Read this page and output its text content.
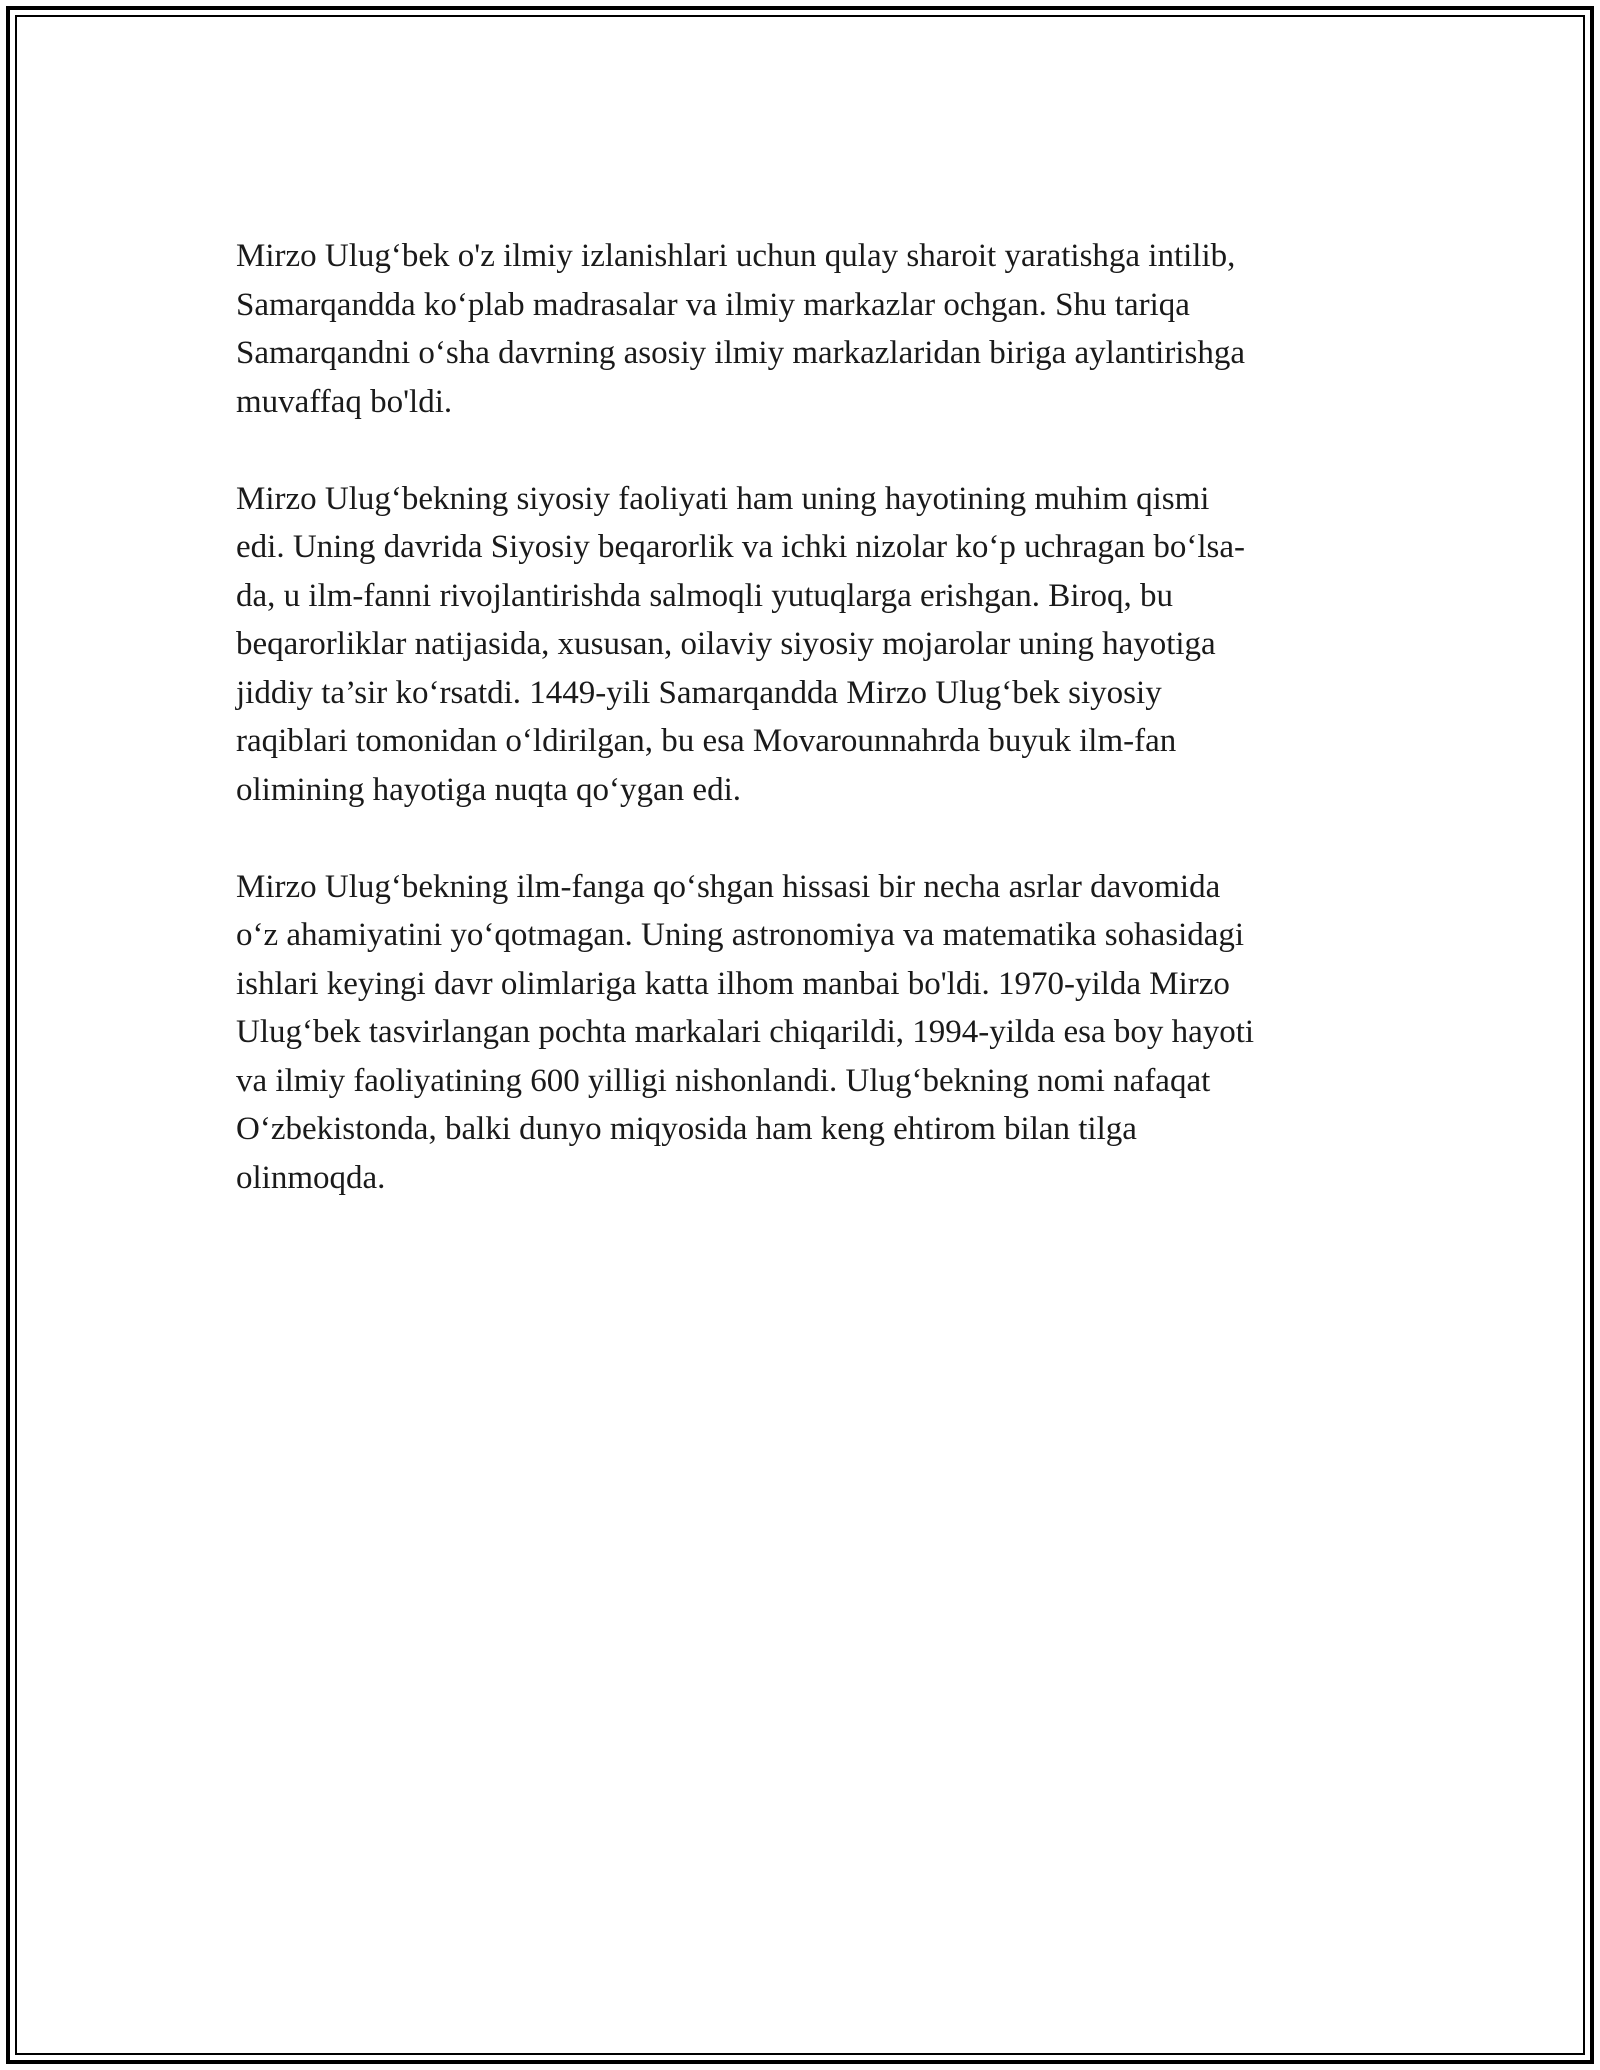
Mirzo Ulug‘bek o'z ilmiy izlanishlari uchun qulay sharoit yaratishga intilib,
Samarqandda ko‘plab madrasalar va ilmiy markazlar ochgan. Shu tariqa
Samarqandni o‘sha davrning asosiy ilmiy markazlaridan biriga aylantirishga
muvaffaq bo'ldi.

Mirzo Ulug‘bekning siyosiy faoliyati ham uning hayotining muhim qismi
edi. Uning davrida Siyosiy beqarorlik va ichki nizolar ko‘p uchragan bo‘lsa-
da, u ilm-fanni rivojlantirishda salmoqli yutuqlarga erishgan. Biroq, bu
beqarorliklar natijasida, xususan, oilaviy siyosiy mojarolar uning hayotiga
jiddiy ta’sir ko‘rsatdi. 1449-yili Samarqandda Mirzo Ulug‘bek siyosiy
raqiblari tomonidan o‘ldirilgan, bu esa Movarounnahrda buyuk ilm-fan
olimining hayotiga nuqta qo‘ygan edi.

Mirzo Ulug‘bekning ilm-fanga qo‘shgan hissasi bir necha asrlar davomida
o‘z ahamiyatini yo‘qotmagan. Uning astronomiya va matematika sohasidagi
ishlari keyingi davr olimlariga katta ilhom manbai bo'ldi. 1970-yilda Mirzo
Ulug‘bek tasvirlangan pochta markalari chiqarildi, 1994-yilda esa boy hayoti
va ilmiy faoliyatining 600 yilligi nishonlandi. Ulug‘bekning nomi nafaqat
O‘zbekistonda, balki dunyo miqyosida ham keng ehtirom bilan tilga
olinmoqda.
